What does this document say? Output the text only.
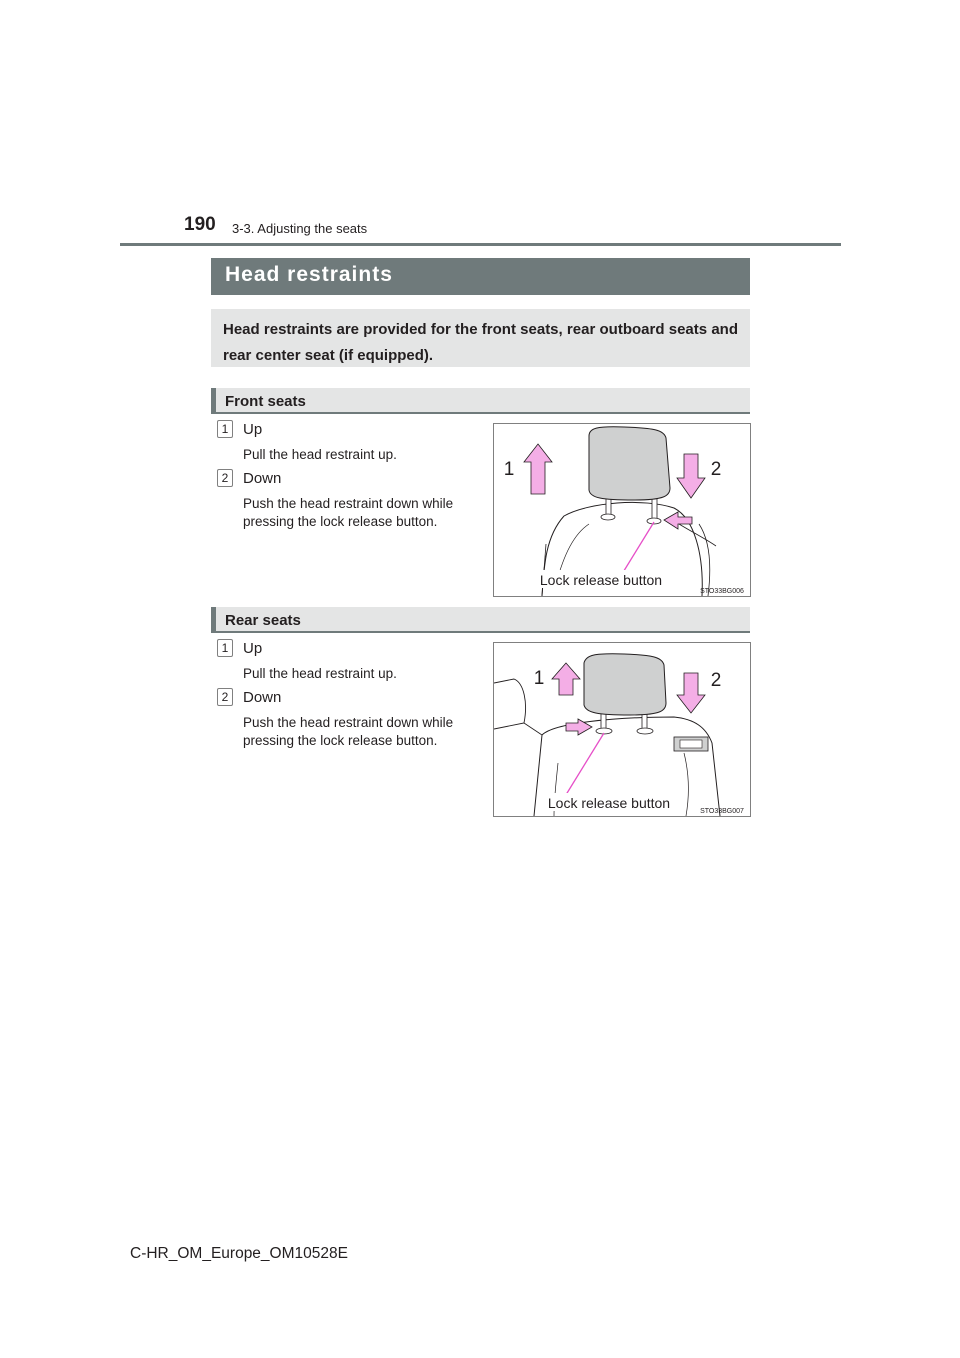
190 3-3. Adjusting the seats
Head restraints
Head restraints are provided for the front seats, rear outboard seats and rear center seat (if equipped).
Front seats
1 Up
Pull the head restraint up.
2 Down
Push the head restraint down while pressing the lock release button.
1	2
Lock release button
STO33BG006
Rear seats
1 Up
Pull the head restraint up.
2 Down
Push the head restraint down while pressing the lock release button.
1	2
Lock release button
STO33BG007
C-HR_OM_Europe_OM10528E
